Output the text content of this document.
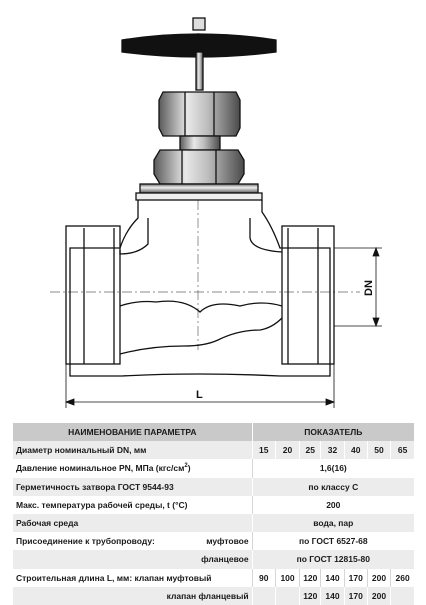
DN
L
НАИМЕНОВАНИЕ ПАРАМЕТРА	ПОКАЗАТЕЛЬ						
Диаметр номинальный DN, мм	15	20	25	32	40	50	65
Давление номинальное PN, МПа $(кгс/см^2)$	1,6(16)						
Герметичность затвора ГОСТ 9544-93	по классу С						
Макс. температура рабочей среды, t (°С)	200						
Рабочая среда	вода, пар						
Присоединение к трубопроводу: муфтовое	по ГОСТ 6527-68						
фланцевое	по ГОСТ 12815-80						
Строительная длина L, мм: клапан муфтовый	90	100	120	140	170	200	260
клапан фланцевый			120	140	170	200	
